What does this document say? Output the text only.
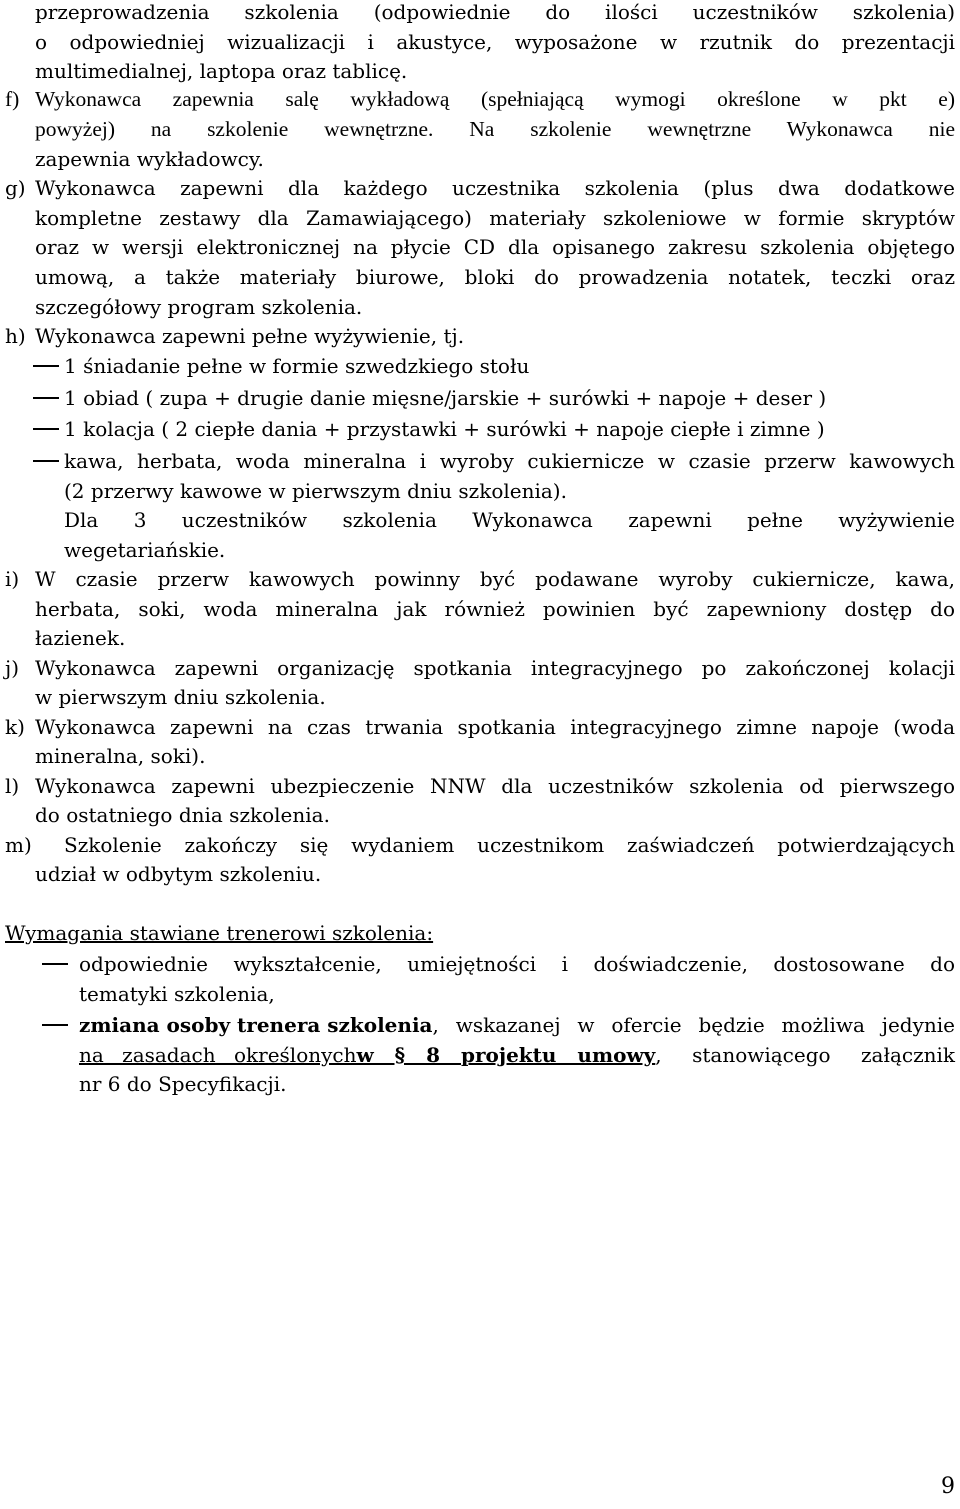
przeprowadzenia szkolenia (odpowiednie do ilości uczestników szkolenia)
o odpowiedniej wizualizacji i akustyce, wyposażone w rzutnik do prezentacji
multimedialnej, laptopa oraz tablicę.
f) Wykonawca zapewnia salę wykładową (spełniającą wymogi określone w pkt e)
powyżej) na szkolenie wewnętrzne. Na szkolenie wewnętrzne Wykonawca nie
zapewnia wykładowcy.
g) Wykonawca zapewni dla każdego uczestnika szkolenia (plus dwa dodatkowe
kompletne zestawy dla Zamawiającego) materiały szkoleniowe w formie skryptów
oraz w wersji elektronicznej na płycie CD dla opisanego zakresu szkolenia objętego
umową, a także materiały biurowe, bloki do prowadzenia notatek, teczki oraz
szczegółowy program szkolenia.
h) Wykonawca zapewni pełne wyżywienie, tj.
1 śniadanie pełne w formie szwedzkiego stołu
1 obiad ( zupa + drugie danie mięsne/jarskie + surówki + napoje + deser )
1 kolacja ( 2 ciepłe dania + przystawki + surówki + napoje ciepłe i zimne )
kawa, herbata, woda mineralna i wyroby cukiernicze w czasie przerw kawowych
(2 przerwy kawowe w pierwszym dniu szkolenia).
Dla 3 uczestników szkolenia Wykonawca zapewni pełne wyżywienie
wegetariańskie.
i) W czasie przerw kawowych powinny być podawane wyroby cukiernicze, kawa,
herbata, soki, woda mineralna jak również powinien być zapewniony dostęp do
łazienek.
j) Wykonawca zapewni organizację spotkania integracyjnego po zakończonej kolacji
w pierwszym dniu szkolenia.
k) Wykonawca zapewni na czas trwania spotkania integracyjnego zimne napoje (woda
mineralna, soki).
l) Wykonawca zapewni ubezpieczenie NNW dla uczestników szkolenia od pierwszego
do ostatniego dnia szkolenia.
m)	Szkolenie zakończy się wydaniem uczestnikom zaświadczeń potwierdzających
udział w odbytym szkoleniu.
Wymagania stawiane trenerowi szkolenia:
odpowiednie wykształcenie, umiejętności i doświadczenie, dostosowane do
tematyki szkolenia,
zmiana osoby trenera szkolenia , wskazanej w ofercie będzie możliwa jedynie
na zasadach określonych w § 8 projektu umowy , stanowiącego załącznik
nr 6 do Specyfikacji.
9
